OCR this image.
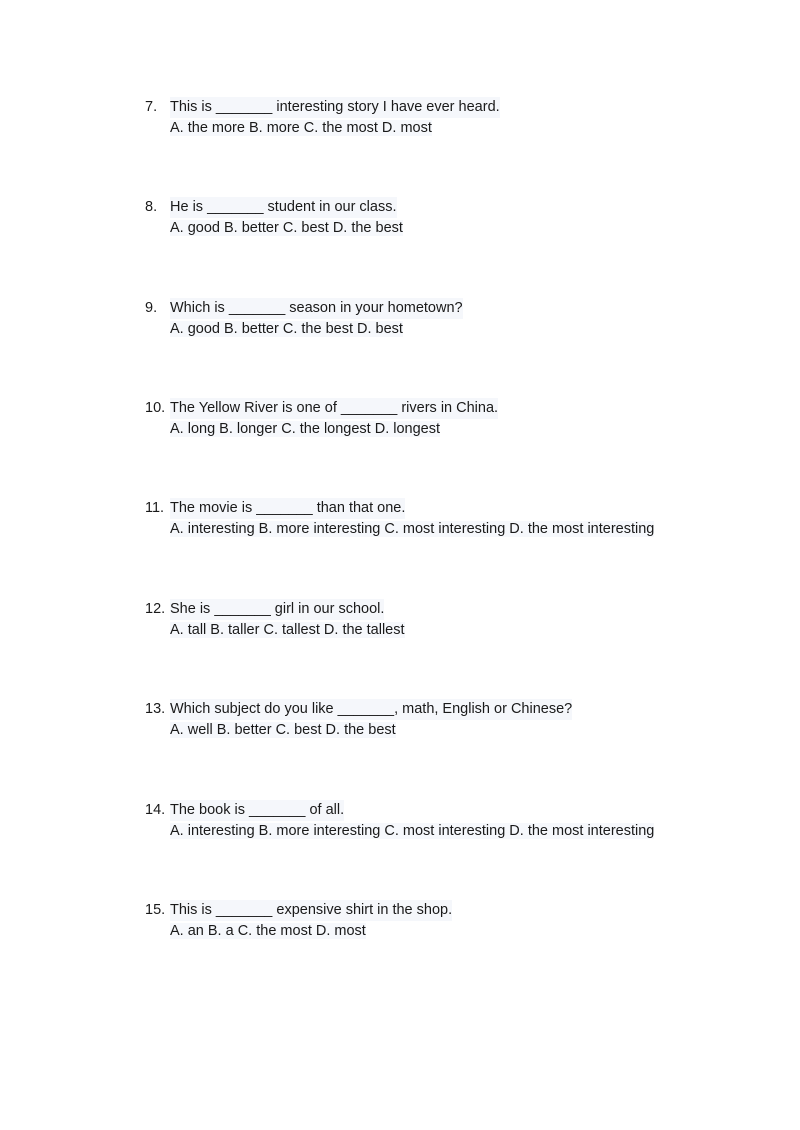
7. This is _______ interesting story I have ever heard.
A. the more B. more C. the most D. most
8. He is _______ student in our class.
A. good B. better C. best D. the best
9. Which is _______ season in your hometown?
A. good B. better C. the best D. best
10. The Yellow River is one of _______ rivers in China.
A. long B. longer C. the longest D. longest
11. The movie is _______ than that one.
A. interesting B. more interesting C. most interesting D. the most interesting
12. She is _______ girl in our school.
A. tall B. taller C. tallest D. the tallest
13. Which subject do you like _______, math, English or Chinese?
A. well B. better C. best D. the best
14. The book is _______ of all.
A. interesting B. more interesting C. most interesting D. the most interesting
15. This is _______ expensive shirt in the shop.
A. an B. a C. the most D. most
